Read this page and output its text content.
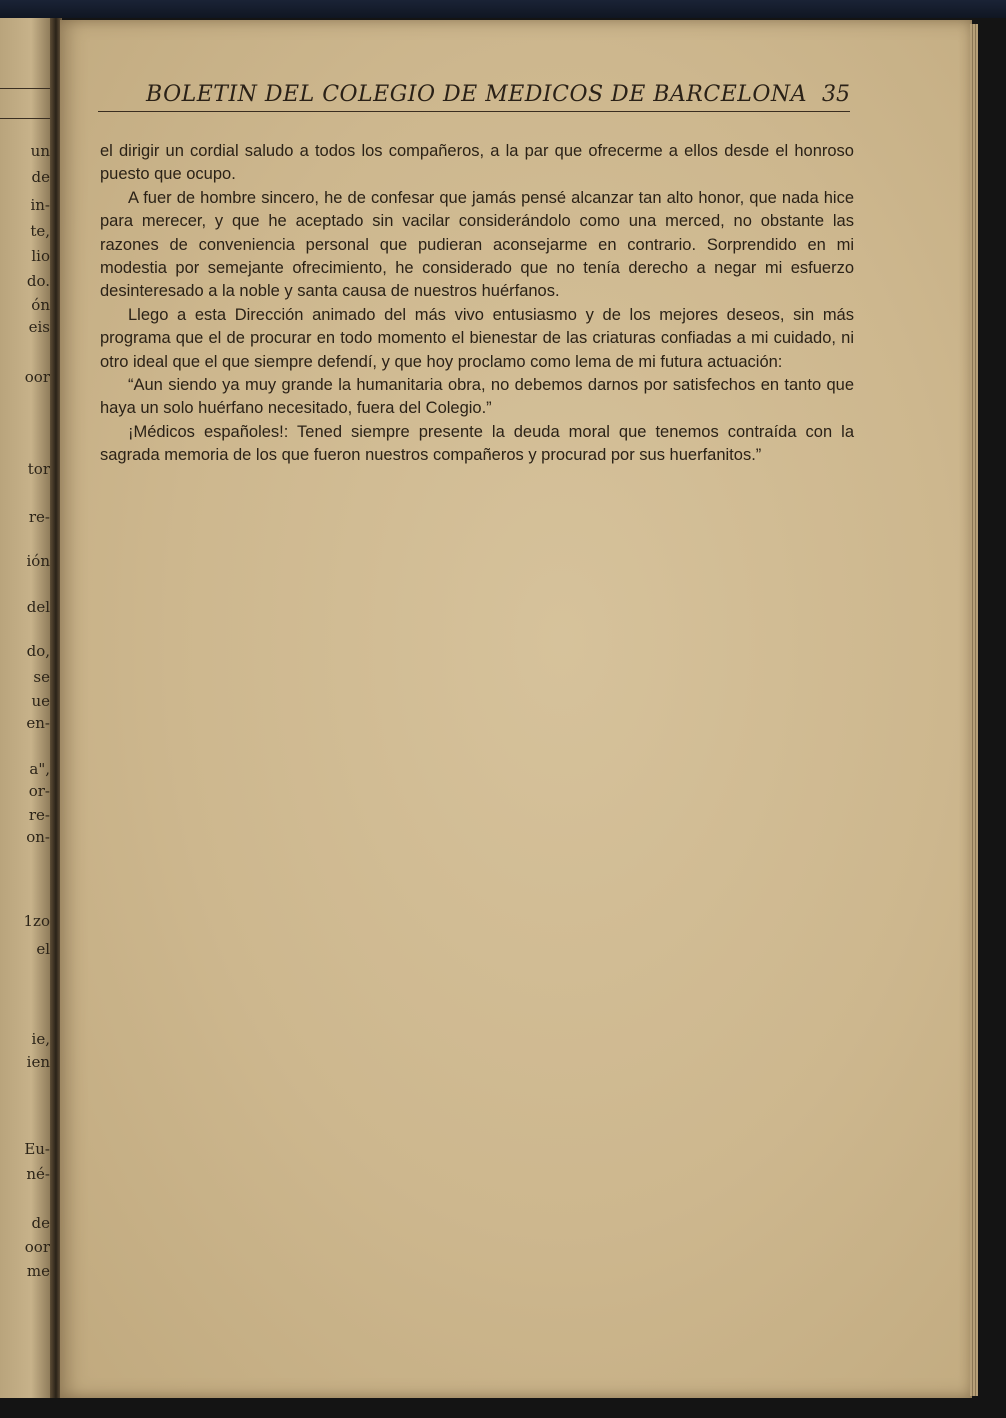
un
de
in-
te,
lio
do.
ón
eis
oor
tor
re-
ión
del
do,
se
ue
en-
a",
or-
re-
on-
1zo
el
ie,
ien
Eu-
né-
de
oor
me
BOLETIN DEL COLEGIO DE MEDICOS DE BARCELONA 35

el dirigir un cordial saludo a todos los compañeros, a la par que ofrecerme a ellos desde el honroso puesto que ocupo.

A fuer de hombre sincero, he de confesar que jamás pensé alcanzar tan alto honor, que nada hice para merecer, y que he aceptado sin vacilar considerándolo como una merced, no obstante las razones de conveniencia personal que pudieran aconsejarme en contrario. Sorprendido en mi modestia por semejante ofrecimiento, he considerado que no tenía derecho a negar mi esfuerzo desinteresado a la noble y santa causa de nuestros huérfanos.

Llego a esta Dirección animado del más vivo entusiasmo y de los mejores deseos, sin más programa que el de procurar en todo momento el bienestar de las criaturas confiadas a mi cuidado, ni otro ideal que el que siempre defendí, y que hoy proclamo como lema de mi futura actuación:

“Aun siendo ya muy grande la humanitaria obra, no debemos darnos por satisfechos en tanto que haya un solo huérfano necesitado, fuera del Colegio.”

¡Médicos españoles!: Tened siempre presente la deuda moral que tenemos contraída con la sagrada memoria de los que fueron nuestros compañeros y procurad por sus huerfanitos.”
